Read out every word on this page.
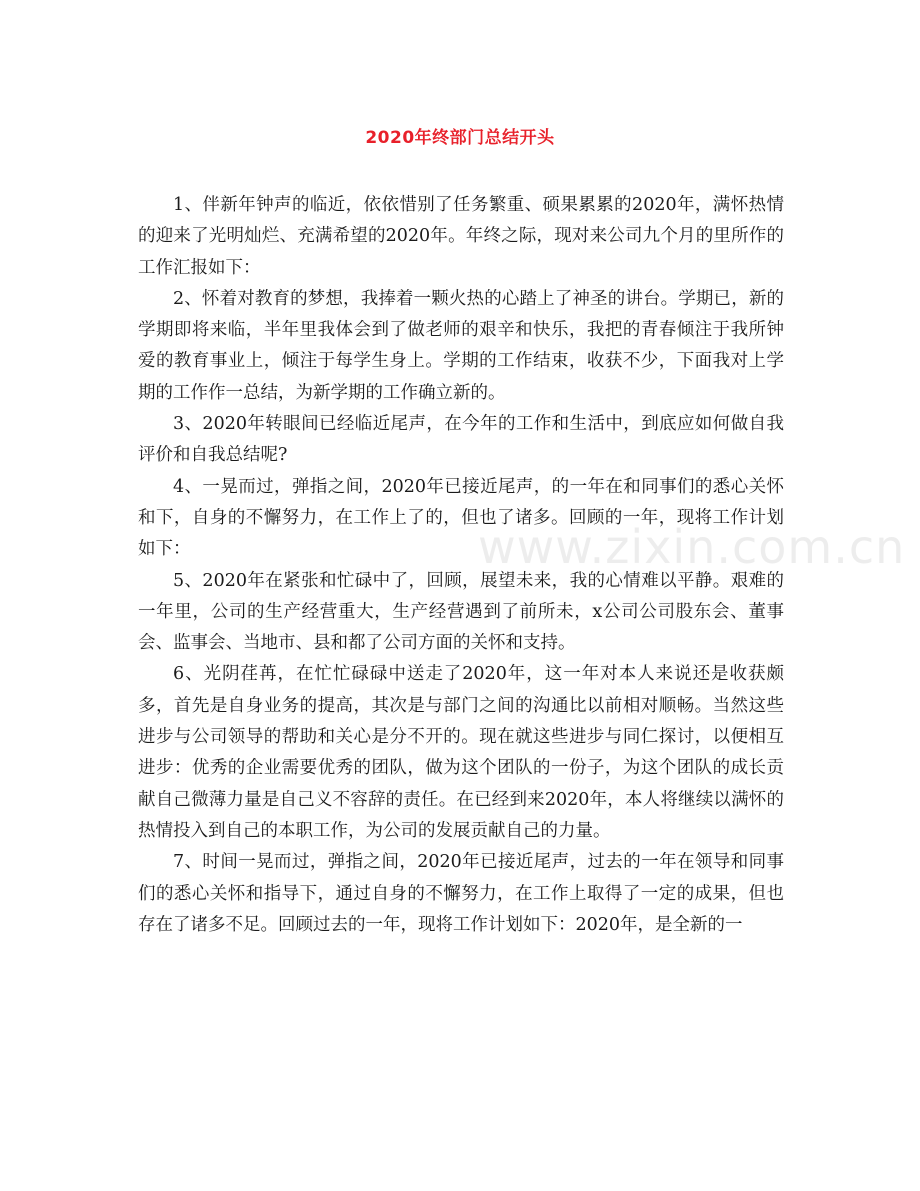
2020年终部门总结开头

1、伴新年钟声的临近，依依惜别了任务繁重、硕果累累的2020年，满怀热情的迎来了光明灿烂、充满希望的2020年。年终之际，现对来公司九个月的里所作的工作汇报如下：

2、怀着对教育的梦想，我捧着一颗火热的心踏上了神圣的讲台。学期已，新的学期即将来临，半年里我体会到了做老师的艰辛和快乐，我把的青春倾注于我所钟爱的教育事业上，倾注于每学生身上。学期的工作结束，收获不少，下面我对上学期的工作作一总结，为新学期的工作确立新的。

3、2020年转眼间已经临近尾声，在今年的工作和生活中，到底应如何做自我评价和自我总结呢?

4、一晃而过，弹指之间，2020年已接近尾声，的一年在和同事们的悉心关怀和下，自身的不懈努力，在工作上了的，但也了诸多。回顾的一年，现将工作计划如下：

5、2020年在紧张和忙碌中了，回顾，展望未来，我的心情难以平静。艰难的一年里，公司的生产经营重大，生产经营遇到了前所未，x公司公司股东会、董事会、监事会、当地市、县和都了公司方面的关怀和支持。

6、光阴荏苒，在忙忙碌碌中送走了2020年，这一年对本人来说还是收获颇多，首先是自身业务的提高，其次是与部门之间的沟通比以前相对顺畅。当然这些进步与公司领导的帮助和关心是分不开的。现在就这些进步与同仁探讨，以便相互进步：优秀的企业需要优秀的团队，做为这个团队的一份子，为这个团队的成长贡献自己微薄力量是自己义不容辞的责任。在已经到来2020年，本人将继续以满怀的热情投入到自己的本职工作，为公司的发展贡献自己的力量。

7、时间一晃而过，弹指之间，2020年已接近尾声，过去的一年在领导和同事们的悉心关怀和指导下，通过自身的不懈努力，在工作上取得了一定的成果，但也存在了诸多不足。回顾过去的一年，现将工作计划如下：2020年，是全新的一

www.zixin.com.cn
